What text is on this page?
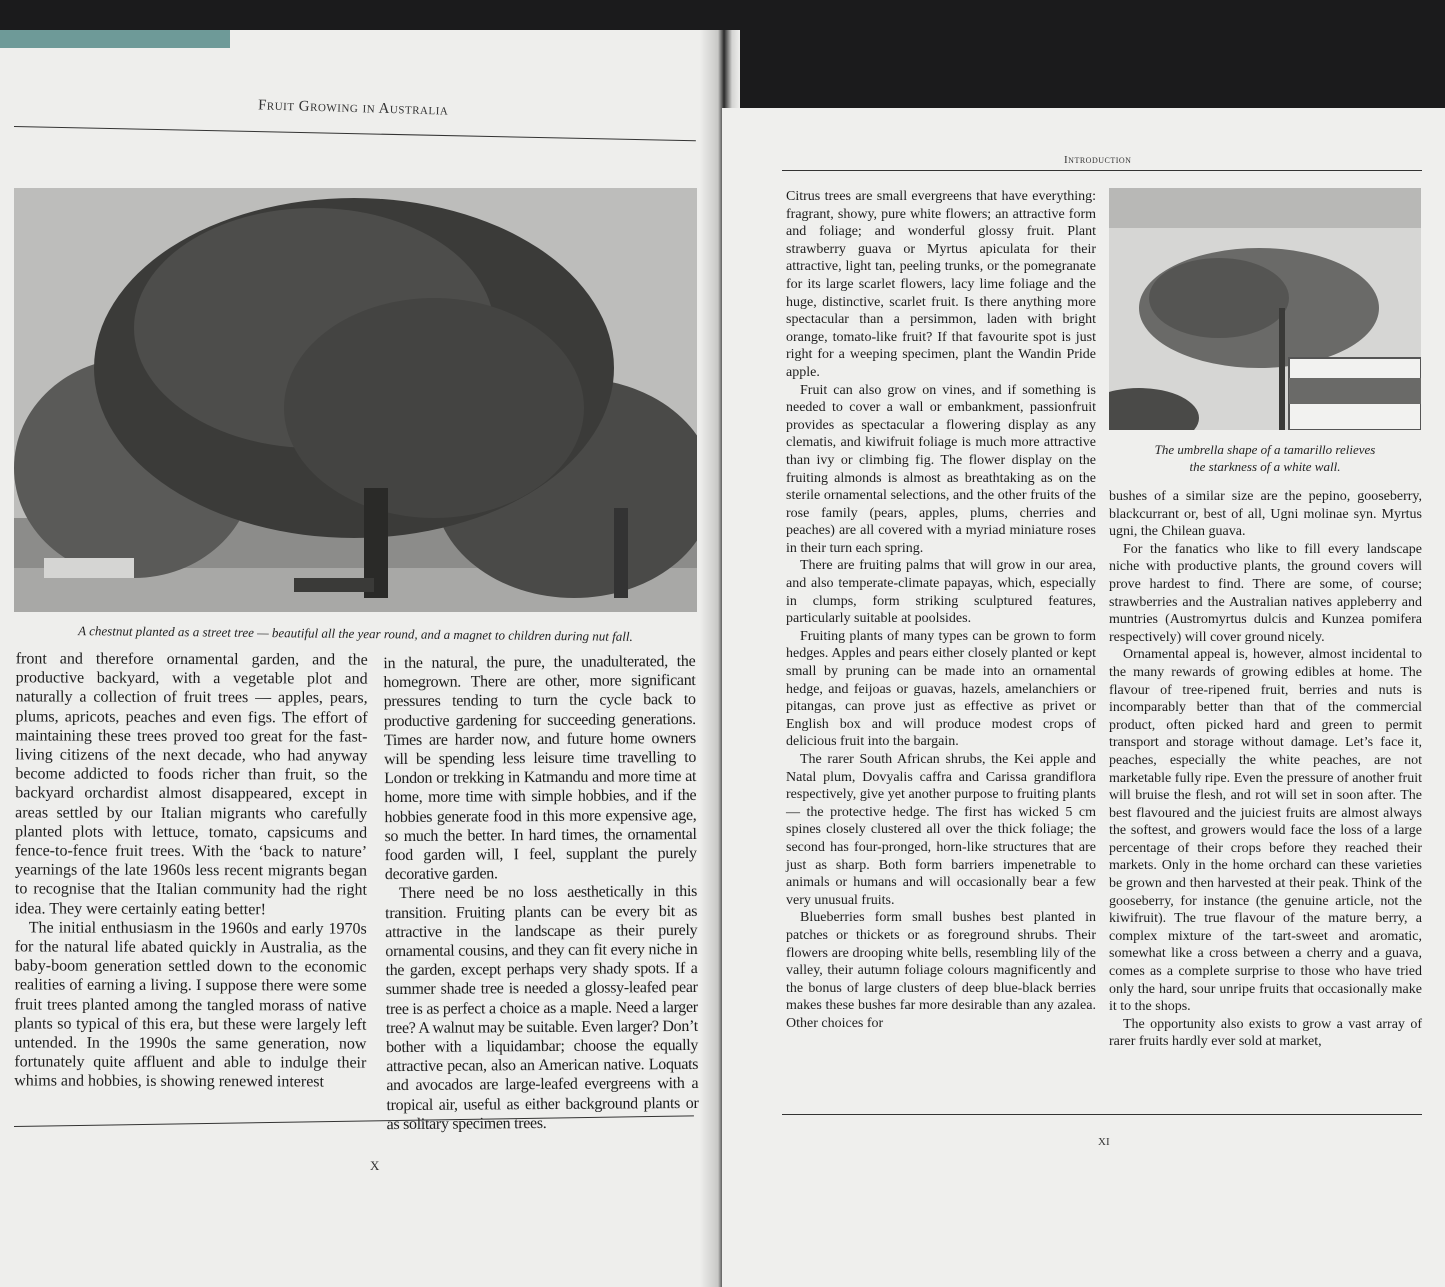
Fruit Growing in Australia
A chestnut planted as a street tree — beautiful all the year round, and a magnet to children during nut fall.

front and therefore ornamental garden, and the productive backyard, with a vegetable plot and naturally a collection of fruit trees — apples, pears, plums, apricots, peaches and even figs. The effort of maintaining these trees proved too great for the fast-living citizens of the next decade, who had anyway become addicted to foods richer than fruit, so the backyard orchardist almost disappeared, except in areas settled by our Italian migrants who carefully planted plots with lettuce, tomato, capsicums and fence-to-fence fruit trees. With the ‘back to nature’ yearnings of the late 1960s less recent migrants began to recognise that the Italian community had the right idea. They were certainly eating better!

The initial enthusiasm in the 1960s and early 1970s for the natural life abated quickly in Australia, as the baby-boom generation settled down to the economic realities of earning a living. I suppose there were some fruit trees planted among the tangled morass of native plants so typical of this era, but these were largely left untended. In the 1990s the same generation, now fortunately quite affluent and able to indulge their whims and hobbies, is showing renewed interest

in the natural, the pure, the unadulterated, the homegrown. There are other, more significant pressures tending to turn the cycle back to productive gardening for succeeding generations. Times are harder now, and future home owners will be spending less leisure time travelling to London or trekking in Katmandu and more time at home, more time with simple hobbies, and if the hobbies generate food in this more expensive age, so much the better. In hard times, the ornamental food garden will, I feel, supplant the purely decorative garden.

There need be no loss aesthetically in this transition. Fruiting plants can be every bit as attractive in the landscape as their purely ornamental cousins, and they can fit every niche in the garden, except perhaps very shady spots. If a summer shade tree is needed a glossy-leafed pear tree is as perfect a choice as a maple. Need a larger tree? A walnut may be suitable. Even larger? Don’t bother with a liquidambar; choose the equally attractive pecan, also an American native. Loquats and avocados are large-leafed evergreens with a tropical air, useful as either background plants or as solitary specimen trees.

X
Introduction

Citrus trees are small evergreens that have everything: fragrant, showy, pure white flowers; an attractive form and foliage; and wonderful glossy fruit. Plant strawberry guava or Myrtus apiculata for their attractive, light tan, peeling trunks, or the pomegranate for its large scarlet flowers, lacy lime foliage and the huge, distinctive, scarlet fruit. Is there anything more spectacular than a persimmon, laden with bright orange, tomato-like fruit? If that favourite spot is just right for a weeping specimen, plant the Wandin Pride apple.

Fruit can also grow on vines, and if something is needed to cover a wall or embankment, passionfruit provides as spectacular a flowering display as any clematis, and kiwifruit foliage is much more attractive than ivy or climbing fig. The flower display on the fruiting almonds is almost as breathtaking as on the sterile ornamental selections, and the other fruits of the rose family (pears, apples, plums, cherries and peaches) are all covered with a myriad miniature roses in their turn each spring.

There are fruiting palms that will grow in our area, and also temperate-climate papayas, which, especially in clumps, form striking sculptured features, particularly suitable at poolsides.

Fruiting plants of many types can be grown to form hedges. Apples and pears either closely planted or kept small by pruning can be made into an ornamental hedge, and feijoas or guavas, hazels, amelanchiers or pitangas, can prove just as effective as privet or English box and will produce modest crops of delicious fruit into the bargain.

The rarer South African shrubs, the Kei apple and Natal plum, Dovyalis caffra and Carissa grandiflora respectively, give yet another purpose to fruiting plants — the protective hedge. The first has wicked 5 cm spines closely clustered all over the thick foliage; the second has four-pronged, horn-like structures that are just as sharp. Both form barriers impenetrable to animals or humans and will occasionally bear a few very unusual fruits.

Blueberries form small bushes best planted in patches or thickets or as foreground shrubs. Their flowers are drooping white bells, resembling lily of the valley, their autumn foliage colours magnificently and the bonus of large clusters of deep blue-black berries makes these bushes far more desirable than any azalea. Other choices for

The umbrella shape of a tamarillo relieves
the starkness of a white wall.

bushes of a similar size are the pepino, gooseberry, blackcurrant or, best of all, Ugni molinae syn. Myrtus ugni, the Chilean guava.

For the fanatics who like to fill every landscape niche with productive plants, the ground covers will prove hardest to find. There are some, of course; strawberries and the Australian natives appleberry and muntries (Austromyrtus dulcis and Kunzea pomifera respectively) will cover ground nicely.

Ornamental appeal is, however, almost incidental to the many rewards of growing edibles at home. The flavour of tree-ripened fruit, berries and nuts is incomparably better than that of the commercial product, often picked hard and green to permit transport and storage without damage. Let’s face it, peaches, especially the white peaches, are not marketable fully ripe. Even the pressure of another fruit will bruise the flesh, and rot will set in soon after. The best flavoured and the juiciest fruits are almost always the softest, and growers would face the loss of a large percentage of their crops before they reached their markets. Only in the home orchard can these varieties be grown and then harvested at their peak. Think of the gooseberry, for instance (the genuine article, not the kiwifruit). The true flavour of the mature berry, a complex mixture of the tart-sweet and aromatic, somewhat like a cross between a cherry and a guava, comes as a complete surprise to those who have tried only the hard, sour unripe fruits that occasionally make it to the shops.

The opportunity also exists to grow a vast array of rarer fruits hardly ever sold at market,

XI
